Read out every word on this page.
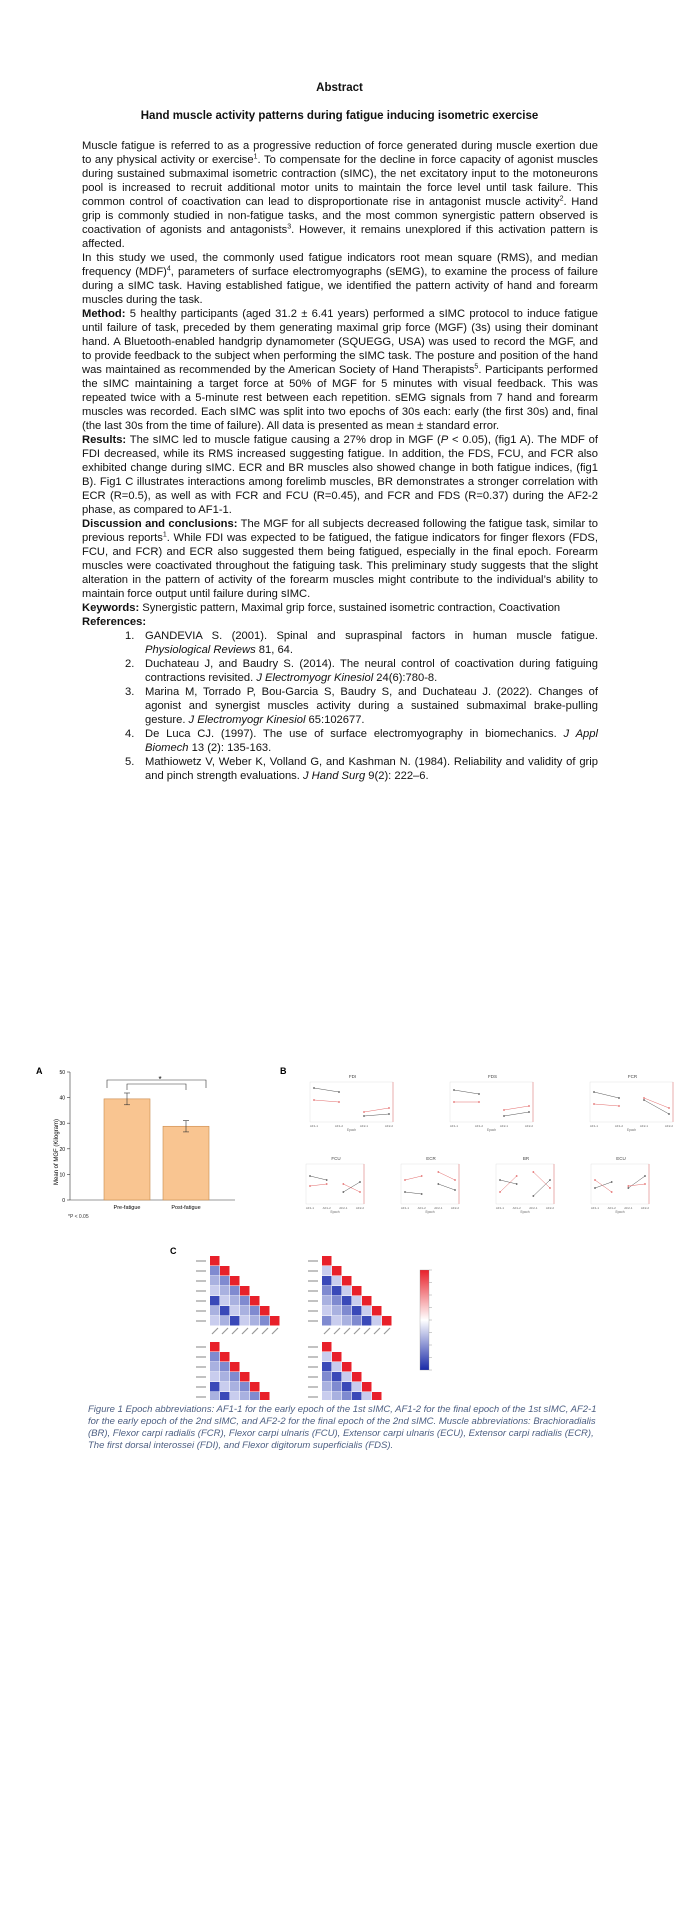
Abstract
Hand muscle activity patterns during fatigue inducing isometric exercise

Muscle fatigue is referred to as a progressive reduction of force generated during muscle exertion due to any physical activity or exercise$^1$. To compensate for the decline in force capacity of agonist muscles during sustained submaximal isometric contraction (sIMC), the net excitatory input to the motoneurons pool is increased to recruit additional motor units to maintain the force level until task failure. This common control of coactivation can lead to disproportionate rise in antagonist muscle activity$^2$. Hand grip is commonly studied in non-fatigue tasks, and the most common synergistic pattern observed is coactivation of agonists and antagonists$^3$. However, it remains unexplored if this activation pattern is affected.

In this study we used, the commonly used fatigue indicators root mean square (RMS), and median frequency (MDF)$^4$, parameters of surface electromyographs (sEMG), to examine the process of failure during a sIMC task. Having established fatigue, we identified the pattern activity of hand and forearm muscles during the task.

Method: 5 healthy participants (aged 31.2 ± 6.41 years) performed a sIMC protocol to induce fatigue until failure of task, preceded by them generating maximal grip force (MGF) (3s) using their dominant hand. A Bluetooth-enabled handgrip dynamometer (SQUEGG, USA) was used to record the MGF, and to provide feedback to the subject when performing the sIMC task. The posture and position of the hand was maintained as recommended by the American Society of Hand Therapists$^5$. Participants performed the sIMC maintaining a target force at 50% of MGF for 5 minutes with visual feedback. This was repeated twice with a 5-minute rest between each repetition. sEMG signals from 7 hand and forearm muscles was recorded. Each sIMC was split into two epochs of 30s each: early (the first 30s) and, final (the last 30s from the time of failure). All data is presented as mean ± standard error.

Results: The sIMC led to muscle fatigue causing a 27% drop in MGF (P < 0.05), (fig1 A). The MDF of FDI decreased, while its RMS increased suggesting fatigue. In addition, the FDS, FCU, and FCR also exhibited change during sIMC. ECR and BR muscles also showed change in both fatigue indices, (fig1 B). Fig1 C illustrates interactions among forelimb muscles, BR demonstrates a stronger correlation with ECR (R=0.5), as well as with FCR and FCU (R=0.45), and FCR and FDS (R=0.37) during the AF2-2 phase, as compared to AF1-1.

Discussion and conclusions: The MGF for all subjects decreased following the fatigue task, similar to previous reports$^1$. While FDI was expected to be fatigued, the fatigue indicators for finger flexors (FDS, FCU, and FCR) and ECR also suggested them being fatigued, especially in the final epoch. Forearm muscles were coactivated throughout the fatiguing task. This preliminary study suggests that the slight alteration in the pattern of activity of the forearm muscles might contribute to the individual’s ability to maintain force output until failure during sIMC.

Keywords: Synergistic pattern, Maximal grip force, sustained isometric contraction, Coactivation

References:

1. GANDEVIA S. (2001). Spinal and supraspinal factors in human muscle fatigue. Physiological Reviews 81, 64.
2. Duchateau J, and Baudry S. (2014). The neural control of coactivation during fatiguing contractions revisited. J Electromyogr Kinesiol 24(6):780-8.
3. Marina M, Torrado P, Bou-Garcia S, Baudry S, and Duchateau J. (2022). Changes of agonist and synergist muscles activity during a sustained submaximal brake-pulling gesture. J Electromyogr Kinesiol 65:102677.
4. De Luca CJ. (1997). The use of surface electromyography in biomechanics. J Appl Biomech 13 (2): 135-163.
5. Mathiowetz V, Weber K, Volland G, and Kashman N. (1984). Reliability and validity of grip and pinch strength evaluations. J Hand Surg 9(2): 222–6.
A	B
C
Mean of MGF (Kilogram)
*P < 0.05
*
0
10
20
30
40
50
Pre-fatigue	Post-fatigue
FDI
AF1-1	AF1-2	AF2-1	AF2-2
Epoch
FDS
AF1-1	AF1-2	AF2-1	AF2-2
Epoch
FCR
AF1-1	AF1-2	AF2-1	AF2-2
Epoch
FCU
AF1-1	AF1-2	AF2-1	AF2-2
Epoch
ECR
AF1-1	AF1-2	AF2-1	AF2-2
Epoch
BR
AF1-1	AF1-2	AF2-1	AF2-2
Epoch
ECU
AF1-1	AF1-2	AF2-1	AF2-2
Epoch
Figure 1 Epoch abbreviations: AF1-1 for the early epoch of the 1st sIMC, AF1-2 for the final epoch of the 1st sIMC, AF2-1 for the early epoch of the 2nd sIMC, and AF2-2 for the final epoch of the 2nd sIMC. Muscle abbreviations: Brachioradialis (BR), Flexor carpi radialis (FCR), Flexor carpi ulnaris (FCU), Extensor carpi ulnaris (ECU), Extensor carpi radialis (ECR), The first dorsal interossei (FDI), and Flexor digitorum superficialis (FDS).
